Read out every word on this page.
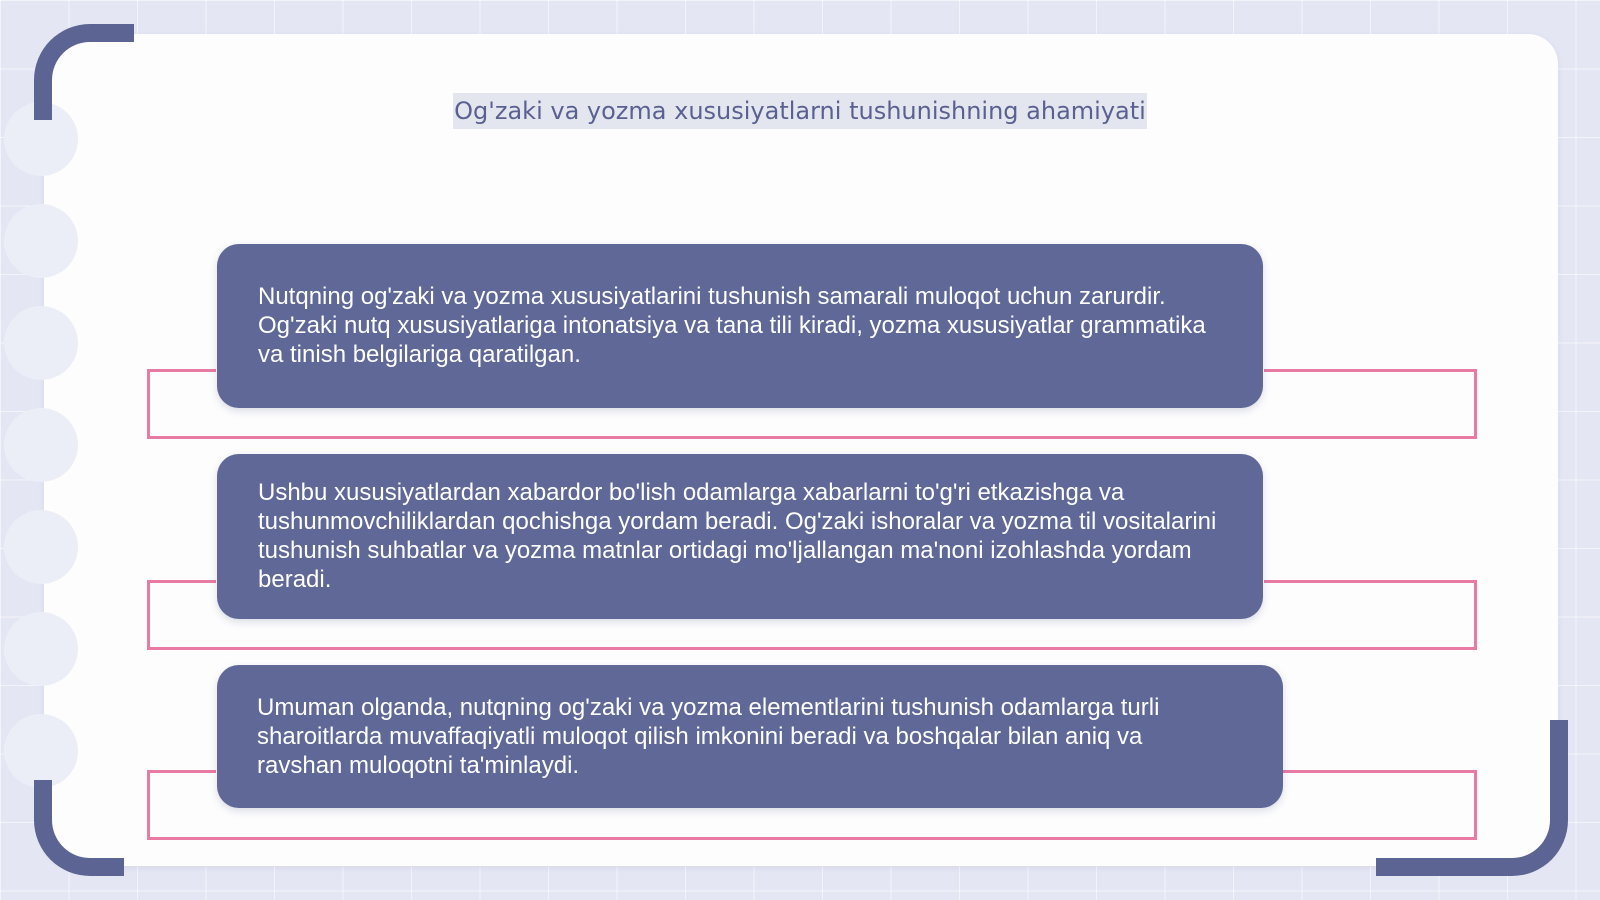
Og'zaki va yozma xususiyatlarni tushunishning ahamiyati
Nutqning og'zaki va yozma xususiyatlarini tushunish samarali muloqot uchun zarurdir. Og'zaki nutq xususiyatlariga intonatsiya va tana tili kiradi, yozma xususiyatlar grammatika va tinish belgilariga qaratilgan.
Ushbu xususiyatlardan xabardor bo'lish odamlarga xabarlarni to'g'ri etkazishga va tushunmovchiliklardan qochishga yordam beradi. Og'zaki ishoralar va yozma til vositalarini tushunish suhbatlar va yozma matnlar ortidagi mo'ljallangan ma'noni izohlashda yordam beradi.
Umuman olganda, nutqning og'zaki va yozma elementlarini tushunish odamlarga turli sharoitlarda muvaffaqiyatli muloqot qilish imkonini beradi va boshqalar bilan aniq va ravshan muloqotni ta'minlaydi.
